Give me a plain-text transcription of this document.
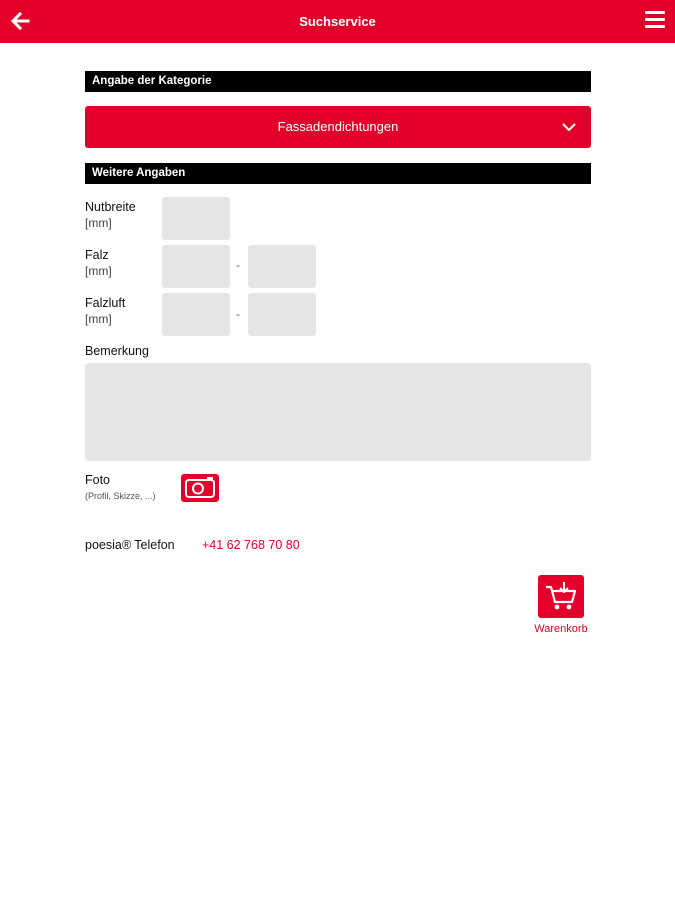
Suchservice
Angabe der Kategorie
Fassadendichtungen
Weitere Angaben
Nutbreite
[mm]
Falz
[mm]	-
Falzluft
[mm]	-
Bemerkung
Foto
(Profil, Skizze, ...)
poesia® Telefon +41 62 768 70 80
Warenkorb
